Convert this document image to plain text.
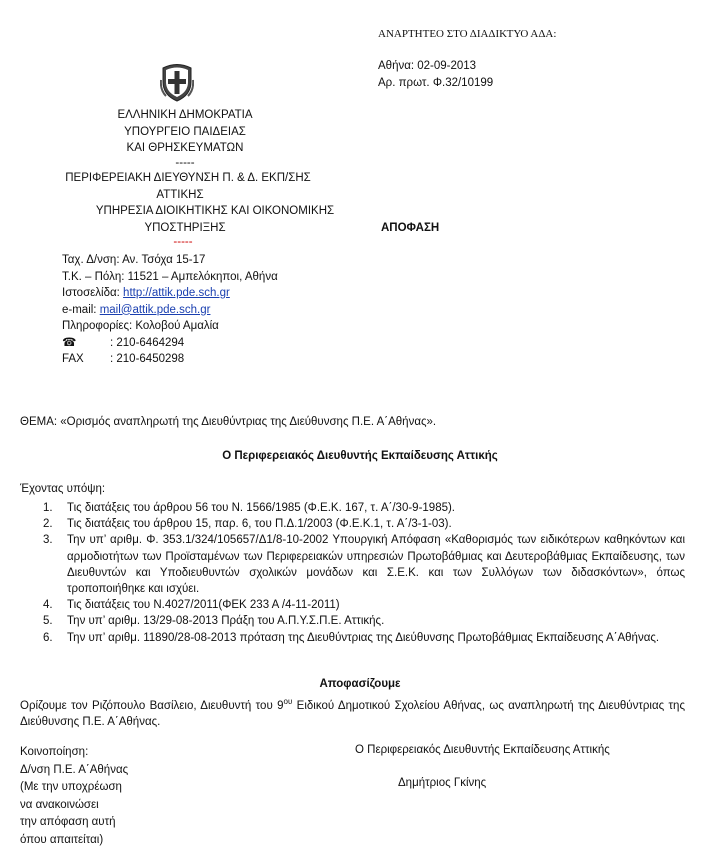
ΑΝΑΡΤΗΤΕΟ ΣΤΟ ΔΙΑΔΙΚΤΥΟ ΑΔΑ:
Αθήνα: 02-09-2013
Αρ. πρωτ. Φ.32/10199
ΕΛΛΗΝΙΚΗ ΔΗΜΟΚΡΑΤΙΑ
ΥΠΟΥΡΓΕΙΟ ΠΑΙΔΕΙΑΣ
ΚΑΙ ΘΡΗΣΚΕΥΜΑΤΩΝ
-----
ΠΕΡΙΦΕΡΕΙΑΚΗ ΔΙΕΥΘΥΝΣΗ Π. & Δ. ΕΚΠ/ΣΗΣ
ΑΤΤΙΚΗΣ
ΥΠΗΡΕΣΙΑ ΔΙΟΙΚΗΤΙΚΗΣ ΚΑΙ ΟΙΚΟΝΟΜΙΚΗΣ
ΥΠΟΣΤΗΡΙΞΗΣ
-----
ΑΠΟΦΑΣΗ
Ταχ. Δ/νση: Αν. Τσόχα 15-17
Τ.Κ. – Πόλη: 11521 – Αμπελόκηποι, Αθήνα
Ιστοσελίδα: http://attik.pde.sch.gr
e-mail: mail@attik.pde.sch.gr
Πληροφορίες: Κολοβού Αμαλία
☎	: 210-6464294
FAX : 210-6450298
ΘΕΜΑ: «Ορισμός αναπληρωτή της Διευθύντριας της Διεύθυνσης Π.Ε. Α΄Αθήνας».
Ο Περιφερειακός Διευθυντής Εκπαίδευσης Αττικής
Έχοντας υπόψη:
1. Τις διατάξεις του άρθρου 56 του Ν. 1566/1985 (Φ.Ε.Κ. 167, τ. Α΄/30-9-1985).
2. Τις διατάξεις του άρθρου 15, παρ. 6, του Π.Δ.1/2003 (Φ.Ε.Κ.1, τ. Α΄/3-1-03).
3. Την υπ’ αριθμ. Φ. 353.1/324/105657/Δ1/8-10-2002 Υπουργική Απόφαση «Καθορισμός των ειδικότερων καθηκόντων και αρμοδιοτήτων των Προϊσταμένων των Περιφερειακών υπηρεσιών Πρωτοβάθμιας και Δευτεροβάθμιας Εκπαίδευσης, των Διευθυντών και Υποδιευθυντών σχολικών μονάδων και Σ.Ε.Κ. και των Συλλόγων των διδασκόντων», όπως τροποποιήθηκε και ισχύει.
4. Τις διατάξεις του Ν.4027/2011(ΦΕΚ 233 Α /4-11-2011)
5. Την υπ’ αριθμ. 13/29-08-2013 Πράξη του Α.Π.Υ.Σ.Π.Ε. Αττικής.
6. Την υπ’ αριθμ. 11890/28-08-2013 πρόταση της Διευθύντριας της Διεύθυνσης Πρωτοβάθμιας Εκπαίδευσης Α΄Αθήνας.
Αποφασίζουμε
Ορίζουμε τον Ριζόπουλο Βασίλειο, Διευθυντή του $9^{o\upsilon}$ Ειδικού Δημοτικού Σχολείου Αθήνας, ως αναπληρωτή της Διευθύντριας της Διεύθυνσης Π.Ε. Α΄Αθήνας.
Κοινοποίηση:
Δ/νση Π.Ε. Α΄Αθήνας
(Με την υποχρέωση
να ανακοινώσει
την απόφαση αυτή
όπου απαιτείται)
Ο Περιφερειακός Διευθυντής Εκπαίδευσης Αττικής
Δημήτριος Γκίνης
